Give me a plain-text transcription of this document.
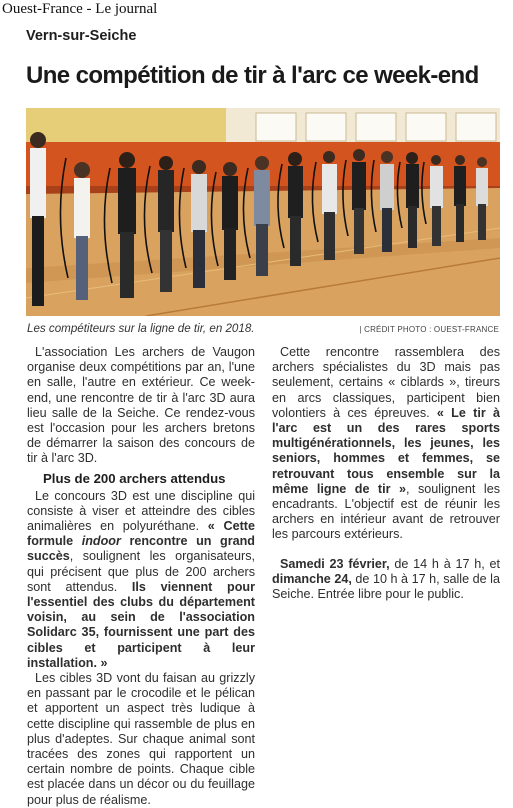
Ouest-France - Le journal
Vern-sur-Seiche
Une compétition de tir à l'arc ce week-end
Les compétiteurs sur la ligne de tir, en 2018.	| CRÉDIT PHOTO : OUEST-FRANCE

L'association Les archers de Vaugon organise deux compétitions par an, l'une en salle, l'autre en extérieur. Ce week-end, une rencontre de tir à l'arc 3D aura lieu salle de la Seiche. Ce rendez-vous est l'occasion pour les archers bretons de démarrer la saison des concours de tir à l'arc 3D.

Plus de 200 archers attendus

Le concours 3D est une discipline qui consiste à viser et atteindre des cibles animalières en polyuréthane. « Cette formule indoor rencontre un grand succès, soulignent les organisateurs, qui précisent que plus de 200 archers sont attendus. Ils viennent pour l'essentiel des clubs du département voisin, au sein de l'association Solidarc 35, fournissent une part des cibles et participent à leur installation. »

Les cibles 3D vont du faisan au grizzly en passant par le crocodile et le pélican et apportent un aspect très ludique à cette discipline qui rassemble de plus en plus d'adeptes. Sur chaque animal sont tracées des zones qui rapportent un certain nombre de points. Chaque cible est placée dans un décor ou du feuillage pour plus de réalisme.

Cette rencontre rassemblera des archers spécialistes du 3D mais pas seulement, certains « ciblards », tireurs en arcs classiques, participent bien volontiers à ces épreuves. « Le tir à l'arc est un des rares sports multigénérationnels, les jeunes, les seniors, hommes et femmes, se retrouvant tous ensemble sur la même ligne de tir », soulignent les encadrants. L'objectif est de réunir les archers en intérieur avant de retrouver les parcours extérieurs.

Samedi 23 février, de 14 h à 17 h, et dimanche 24, de 10 h à 17 h, salle de la Seiche. Entrée libre pour le public.
